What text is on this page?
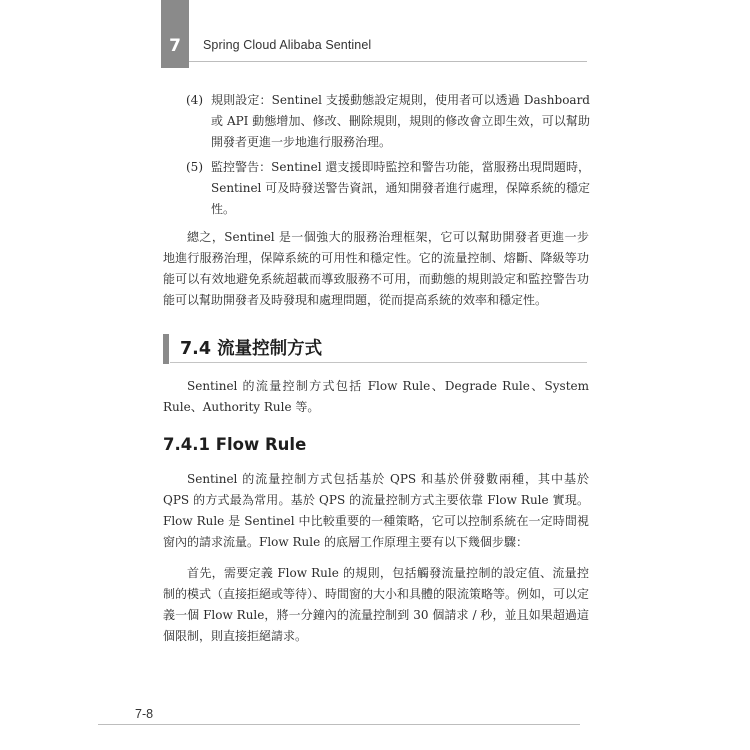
7	Spring Cloud Alibaba Sentinel
(4) 規則設定：Sentinel 支援動態設定規則，使用者可以透過 Dashboard 或 API 動態增加、修改、刪除規則，規則的修改會立即生效，可以幫助開發者更進一步地進行服務治理。
(5) 監控警告：Sentinel 還支援即時監控和警告功能，當服務出現問題時，Sentinel 可及時發送警告資訊，通知開發者進行處理，保障系統的穩定性。
總之，Sentinel 是一個強大的服務治理框架，它可以幫助開發者更進一步地進行服務治理，保障系統的可用性和穩定性。它的流量控制、熔斷、降級等功能可以有效地避免系統超載而導致服務不可用，而動態的規則設定和監控警告功能可以幫助開發者及時發現和處理問題，從而提高系統的效率和穩定性。
7.4 流量控制方式
Sentinel 的流量控制方式包括 Flow Rule、Degrade Rule、System Rule、Authority Rule 等。
7.4.1 Flow Rule
Sentinel 的流量控制方式包括基於 QPS 和基於併發數兩種，其中基於 QPS 的方式最為常用。基於 QPS 的流量控制方式主要依靠 Flow Rule 實現。Flow Rule 是 Sentinel 中比較重要的一種策略，它可以控制系統在一定時間視窗內的請求流量。Flow Rule 的底層工作原理主要有以下幾個步驟：
首先，需要定義 Flow Rule 的規則，包括觸發流量控制的設定值、流量控制的模式（直接拒絕或等待）、時間窗的大小和具體的限流策略等。例如，可以定義一個 Flow Rule，將一分鐘內的流量控制到 30 個請求 / 秒，並且如果超過這個限制，則直接拒絕請求。
7-8
